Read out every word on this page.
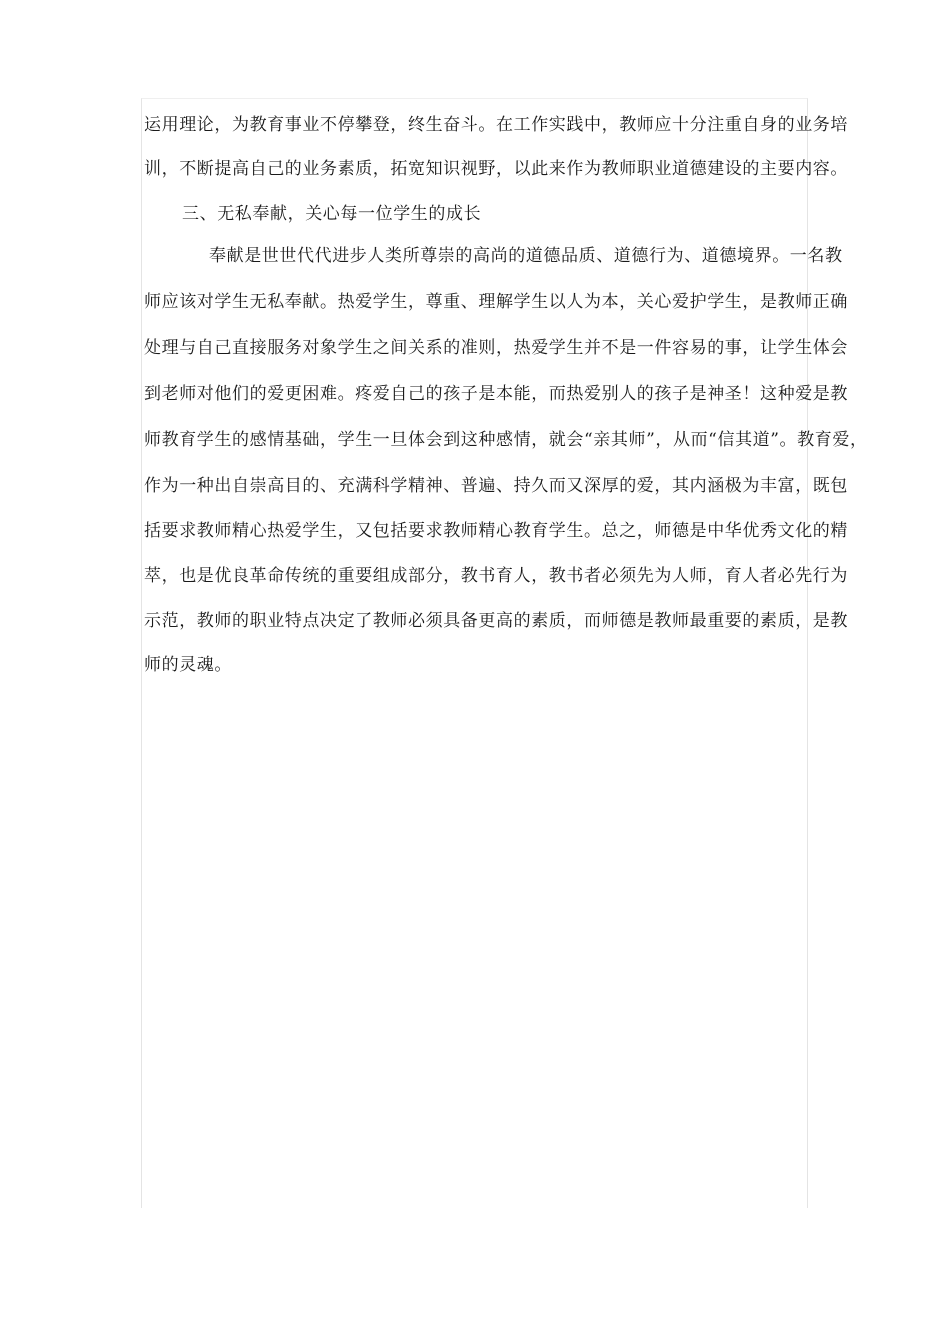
运用理论，为教育事业不停攀登，终生奋斗。在工作实践中，教师应十分注重自身的业务培
训，不断提高自己的业务素质，拓宽知识视野，以此来作为教师职业道德建设的主要内容。
三、无私奉献，关心每一位学生的成长
奉献是世世代代进步人类所尊崇的高尚的道德品质、道德行为、道德境界。一名教
师应该对学生无私奉献。热爱学生，尊重、理解学生以人为本，关心爱护学生，是教师正确
处理与自己直接服务对象学生之间关系的准则，热爱学生并不是一件容易的事，让学生体会
到老师对他们的爱更困难。疼爱自己的孩子是本能，而热爱别人的孩子是神圣！这种爱是教
师教育学生的感情基础，学生一旦体会到这种感情，就会“亲其师”，从而“信其道”。教育爱，
作为一种出自崇高目的、充满科学精神、普遍、持久而又深厚的爱，其内涵极为丰富，既包
括要求教师精心热爱学生，又包括要求教师精心教育学生。总之，师德是中华优秀文化的精
萃，也是优良革命传统的重要组成部分，教书育人，教书者必须先为人师，育人者必先行为
示范，教师的职业特点决定了教师必须具备更高的素质，而师德是教师最重要的素质，是教
师的灵魂。
